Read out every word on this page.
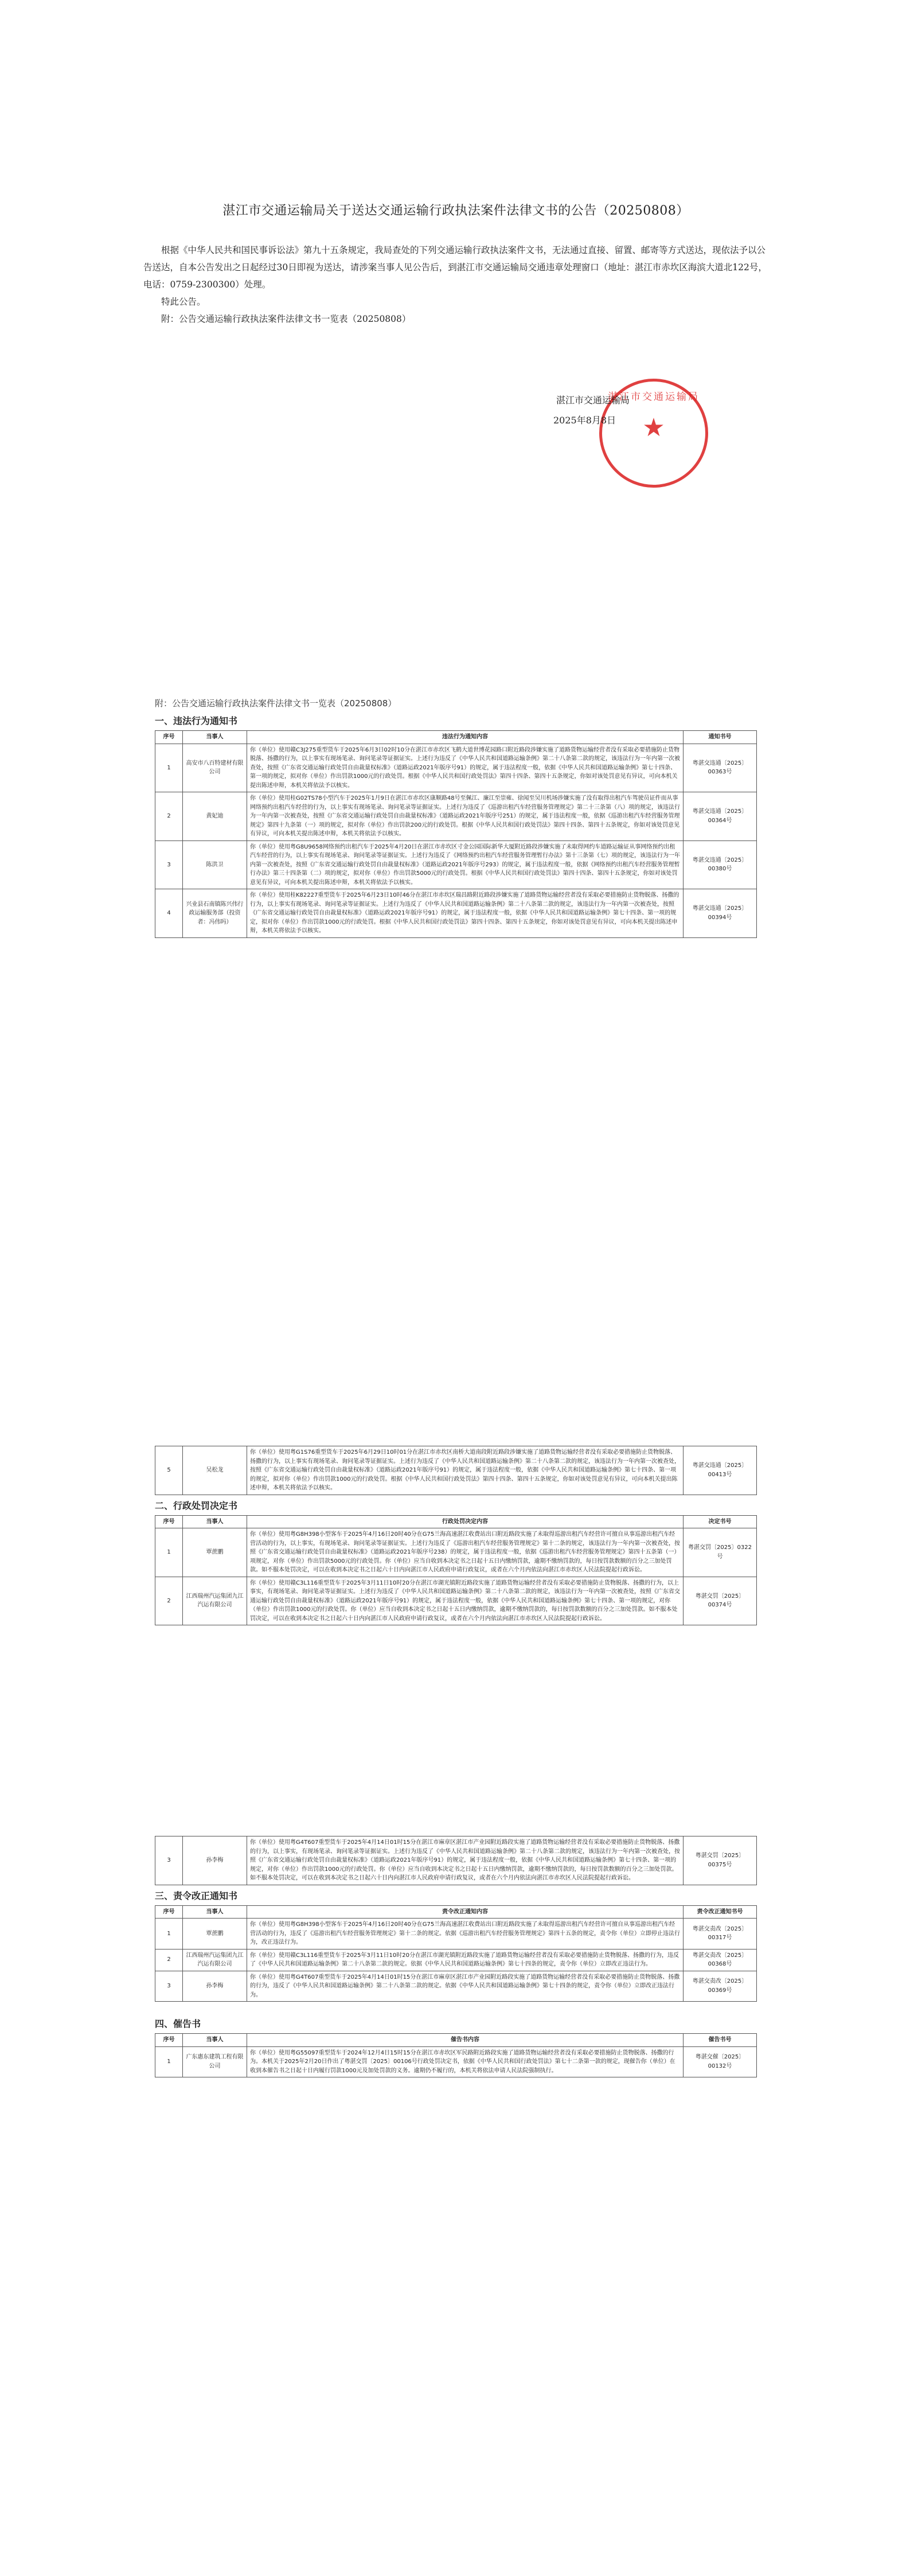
湛江市交通运输局关于送达交通运输行政执法案件法律文书的公告（20250808）

根据《中华人民共和国民事诉讼法》第九十五条规定，我局查处的下列交通运输行政执法案件文书，无法通过直接、留置、邮寄等方式送达，现依法予以公告送达，自本公告发出之日起经过30日即视为送达，请涉案当事人见公告后，到湛江市交通运输局交通违章处理窗口（地址：湛江市赤坎区海滨大道北122号，电话：0759-2300300）处理。

特此公告。

附：公告交通运输行政执法案件法律文书一览表（20250808）

湛江市交通运输局
★
湛江市交通运输局
2025年8月8日
附：公告交通运输行政执法案件法律文书一览表（20250808）
一、违法行为通知书
序号	当事人	违法行为通知内容	通知书号
1	高安市八百特建材有限公司	你（单位）使用赣C3J275重型货车于2025年6月3日02时10分在湛江市赤坎区飞鹤大道世博花园路口附近路段涉嫌实施了道路货物运输经营者没有采取必要措施防止货物脱落、扬撒的行为，以上事实有现场笔录、询问笔录等证据证实。上述行为违反了《中华人民共和国道路运输条例》第二十八条第二款的规定，该违法行为一年内第一次被查处，按照《广东省交通运输行政处罚自由裁量权标准》（道路运政2021年版序号91）的规定，属于违法程度一般，依据《中华人民共和国道路运输条例》第七十四条、第一项的规定，拟对你（单位）作出罚款1000元的行政处罚。根据《中华人民共和国行政处罚法》第四十四条、第四十五条规定，你如对该处罚意见有异议，可向本机关提出陈述申辩，本机关将依法予以核实。	粤湛交违通〔2025〕00363号
2	黄妃迪	你（单位）使用桂G02TS78小型汽车于2025年1月9日在湛江市赤坎区康顺路48号至佩江、廉江至崇雍、徐闻至吴川机场涉嫌实施了没有取得出租汽车驾驶员证件而从事网络预约出租汽车经营的行为，以上事实有现场笔录、询问笔录等证据证实。上述行为违反了《巡游出租汽车经营服务管理规定》第二十三条第（八）项的规定，该违法行为一年内第一次被查处，按照《广东省交通运输行政处罚自由裁量权标准》（道路运政2021年版序号251）的规定，属于违法程度一般，依据《巡游出租汽车经营服务管理规定》第四十九条第（一）项的规定，拟对你（单位）作出罚款200元的行政处罚。根据《中华人民共和国行政处罚法》第四十四条、第四十五条规定，你如对该处罚意见有异议，可向本机关提出陈述申辩，本机关将依法予以核实。	粤湛交违通〔2025〕00364号
3	陈洪卫	你（单位）使用粤G8U9658网络预约出租汽车于2025年4月20日在湛江市赤坎区寸金公园国际新华大厦附近路段涉嫌实施了未取得网约车道路运输证从事网络预约出租汽车经营的行为，以上事实有现场笔录、询问笔录等证据证实。上述行为违反了《网络预约出租汽车经营服务管理暂行办法》第十三条第（七）项的规定，该违法行为一年内第一次被查处，按照《广东省交通运输行政处罚自由裁量权标准》（道路运政2021年版序号293）的规定，属于违法程度一般，依据《网络预约出租汽车经营服务管理暂行办法》第三十四条第（二）项的规定，拟对你（单位）作出罚款5000元的行政处罚。根据《中华人民共和国行政处罚法》第四十四条、第四十五条规定，你如对该处罚意见有异议，可向本机关提出陈述申辩，本机关将依法予以核实。	粤湛交违通〔2025〕00380号
4	兴业县石南镇陈兴伟行政运输服务部（投资者：冯伟吗）	你（单位）使用桂K82227重型货车于2025年6月23日10时46分在湛江市赤坎区瑞昌路附近路段涉嫌实施了道路货物运输经营者没有采取必要措施防止货物脱落、扬撒的行为，以上事实有现场笔录、询问笔录等证据证实。上述行为违反了《中华人民共和国道路运输条例》第二十八条第二款的规定，该违法行为一年内第一次被查处，按照《广东省交通运输行政处罚自由裁量权标准》（道路运政2021年版序号91）的规定，属于违法程度一般，依据《中华人民共和国道路运输条例》第七十四条、第一项的规定，拟对你（单位）作出罚款1000元的行政处罚。根据《中华人民共和国行政处罚法》第四十四条、第四十五条规定，你如对该处罚意见有异议，可向本机关提出陈述申辩，本机关将依法予以核实。	粤湛交违通〔2025〕00394号
5	吴松龙	你（单位）使用粤G1S76重型货车于2025年6月29日10时01分在湛江市赤坎区南桥大道南段附近路段涉嫌实施了道路货物运输经营者没有采取必要措施防止货物脱落、扬撒的行为，以上事实有现场笔录、询问笔录等证据证实。上述行为违反了《中华人民共和国道路运输条例》第二十八条第二款的规定，该违法行为一年内第一次被查处，按照《广东省交通运输行政处罚自由裁量权标准》（道路运政2021年版序号91）的规定，属于违法程度一般，依据《中华人民共和国道路运输条例》第七十四条、第一项的规定，拟对你（单位）作出罚款1000元的行政处罚。根据《中华人民共和国行政处罚法》第四十四条、第四十五条规定，你如对该处罚意见有异议，可向本机关提出陈述申辩，本机关将依法予以核实。	粤湛交违通〔2025〕00413号
二、行政处罚决定书
序号	当事人	行政处罚决定内容	决定书号
1	覃蔗鹏	你（单位）使用粤G8H398小型客车于2025年4月16日20时40分在G75兰海高速湛江收费站出口附近路段实施了未取得巡游出租汽车经营许可擅自从事巡游出租汽车经营活动的行为，以上事实，有现场笔录、询问笔录等证据证实。上述行为违反了《巡游出租汽车经营服务管理规定》第十二条的规定，该违法行为一年内第一次被查处，按照《广东省交通运输行政处罚自由裁量权标准》（道路运政2021年版序号238）的规定，属于违法程度一般，依据《巡游出租汽车经营服务管理规定》第四十五条第（一）项规定，对你（单位）作出罚款5000元的行政处罚。你（单位）应当自收到本决定书之日起十五日内缴纳罚款，逾期不缴纳罚款的，每日按罚款数额的百分之三加处罚款。如不服本处罚决定，可以在收到本决定书之日起六十日内向湛江市人民政府申请行政复议，或者在六个月内依法向湛江市赤坎区人民法院提起行政诉讼。	粤湛交罚〔2025〕0322号
2	江西瑞州汽运集团九江汽运有限公司	你（单位）使用赣C3L116重型货车于2025年3月11日10时20分在湛江市湖光镇附近路段实施了道路货物运输经营者没有采取必要措施防止货物脱落、扬撒的行为，以上事实，有现场笔录、询问笔录等证据证实。上述行为违反了《中华人民共和国道路运输条例》第二十八条第二款的规定，该违法行为一年内第一次被查处，按照《广东省交通运输行政处罚自由裁量权标准》（道路运政2021年版序号91）的规定，属于违法程度一般，依据《中华人民共和国道路运输条例》第七十四条、第一项的规定，对你（单位）作出罚款1000元的行政处罚。你（单位）应当自收到本决定书之日起十五日内缴纳罚款，逾期不缴纳罚款的，每日按罚款数额的百分之三加处罚款。如不服本处罚决定，可以在收到本决定书之日起六十日内向湛江市人民政府申请行政复议，或者在六个月内依法向湛江市赤坎区人民法院提起行政诉讼。	粤湛交罚〔2025〕00374号
3	孙李梅	你（单位）使用粤G4T607重型货车于2025年4月14日01时15分在湛江市麻章区湛江市产业园附近路段实施了道路货物运输经营者没有采取必要措施防止货物脱落、扬撒的行为，以上事实，有现场笔录、询问笔录等证据证实。上述行为违反了《中华人民共和国道路运输条例》第二十八条第二款的规定，该违法行为一年内第一次被查处，按照《广东省交通运输行政处罚自由裁量权标准》（道路运政2021年版序号91）的规定，属于违法程度一般，依据《中华人民共和国道路运输条例》第七十四条、第一项的规定，对你（单位）作出罚款1000元的行政处罚。你（单位）应当自收到本决定书之日起十五日内缴纳罚款，逾期不缴纳罚款的，每日按罚款数额的百分之三加处罚款。如不服本处罚决定，可以在收到本决定书之日起六十日内向湛江市人民政府申请行政复议，或者在六个月内依法向湛江市赤坎区人民法院提起行政诉讼。	粤湛交罚〔2025〕00375号
三、责令改正通知书
序号	当事人	责令改正通知内容	责令改正通知书号
1	覃蔗鹏	你（单位）使用粤G8H398小型客车于2025年4月16日20时40分在G75兰海高速湛江收费站出口附近路段实施了未取得巡游出租汽车经营许可擅自从事巡游出租汽车经营活动的行为，违反了《巡游出租汽车经营服务管理规定》第十二条的规定。依据《巡游出租汽车经营服务管理规定》第四十五条的规定，责令你（单位）立即停止违法行为，改正违法行为。	粤湛交责改〔2025〕00317号
2	江西瑞州汽运集团九江汽运有限公司	你（单位）使用赣C3L116重型货车于2025年3月11日10时20分在湛江市湖光镇附近路段实施了道路货物运输经营者没有采取必要措施防止货物脱落、扬撒的行为，违反了《中华人民共和国道路运输条例》第二十八条第二款的规定。依据《中华人民共和国道路运输条例》第七十四条的规定，责令你（单位）立即改正违法行为。	粤湛交责改〔2025〕00368号
3	孙李梅	你（单位）使用粤G4T607重型货车于2025年4月14日01时15分在湛江市麻章区湛江市产业园附近路段实施了道路货物运输经营者没有采取必要措施防止货物脱落、扬撒的行为，违反了《中华人民共和国道路运输条例》第二十八条第二款的规定。依据《中华人民共和国道路运输条例》第七十四条的规定，责令你（单位）立即改正违法行为。	粤湛交责改〔2025〕00369号
四、催告书
序号	当事人	催告书内容	催告书号
1	广东惠东建筑工程有限公司	你（单位）使用粤G55097重型货车于2024年12月4日15时15分在湛江市赤坎区军民路附近路段实施了道路货物运输经营者没有采取必要措施防止货物脱落、扬撒的行为。本机关于2025年2月20日作出了粤湛交罚〔2025〕00106号行政处罚决定书，依据《中华人民共和国行政处罚法》第七十二条第一款的规定，现催告你（单位）在收到本催告书之日起十日内履行罚款1000元及加处罚款的义务。逾期仍不履行的，本机关将依法申请人民法院强制执行。	粤湛交催〔2025〕00132号
